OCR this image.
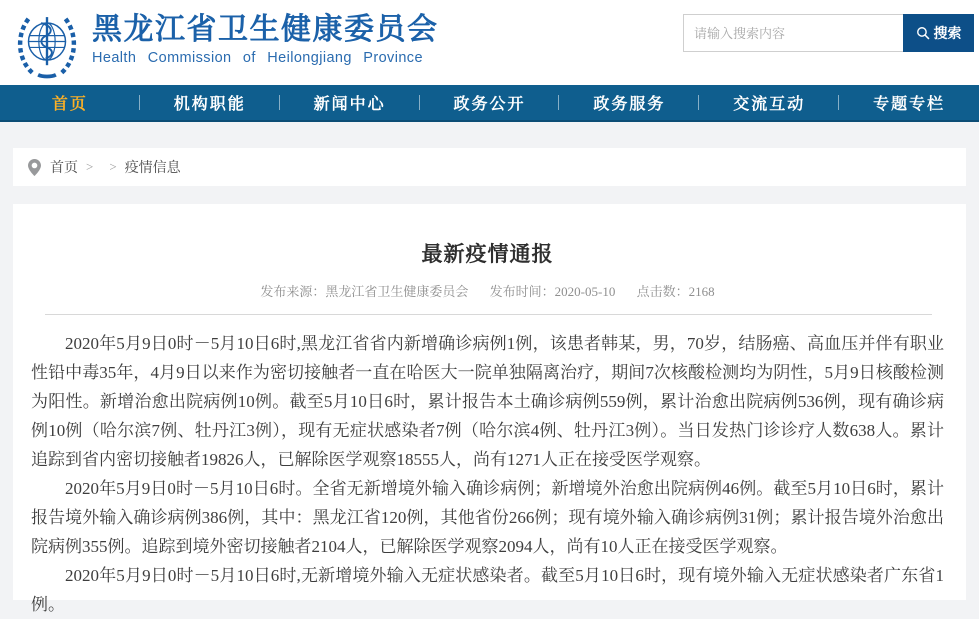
黑龙江省卫生健康委员会
Health Commission of Heilongjiang Province
请输入搜索内容
搜索
首页	机构职能	新闻中心	政务公开	政务服务	交流互动	专题专栏
首页 > > 疫情信息
最新疫情通报
发布来源：黑龙江省卫生健康委员会 发布时间：2020-05-10 点击数：2168

2020年5月9日0时－5月10日6时,黑龙江省省内新增确诊病例1例，该患者韩某，男，70岁，结肠癌、高血压并伴有职业性铅中毒35年，4月9日以来作为密切接触者一直在哈医大一院单独隔离治疗，期间7次核酸检测均为阴性，5月9日核酸检测为阳性。新增治愈出院病例10例。截至5月10日6时，累计报告本土确诊病例559例，累计治愈出院病例536例，现有确诊病例10例（哈尔滨7例、牡丹江3例），现有无症状感染者7例（哈尔滨4例、牡丹江3例）。当日发热门诊诊疗人数638人。累计追踪到省内密切接触者19826人，已解除医学观察18555人，尚有1271人正在接受医学观察。

2020年5月9日0时－5月10日6时。全省无新增境外输入确诊病例；新增境外治愈出院病例46例。截至5月10日6时，累计报告境外输入确诊病例386例，其中：黑龙江省120例，其他省份266例；现有境外输入确诊病例31例；累计报告境外治愈出院病例355例。追踪到境外密切接触者2104人，已解除医学观察2094人，尚有10人正在接受医学观察。

2020年5月9日0时－5月10日6时,无新增境外输入无症状感染者。截至5月10日6时，现有境外输入无症状感染者广东省1例。
